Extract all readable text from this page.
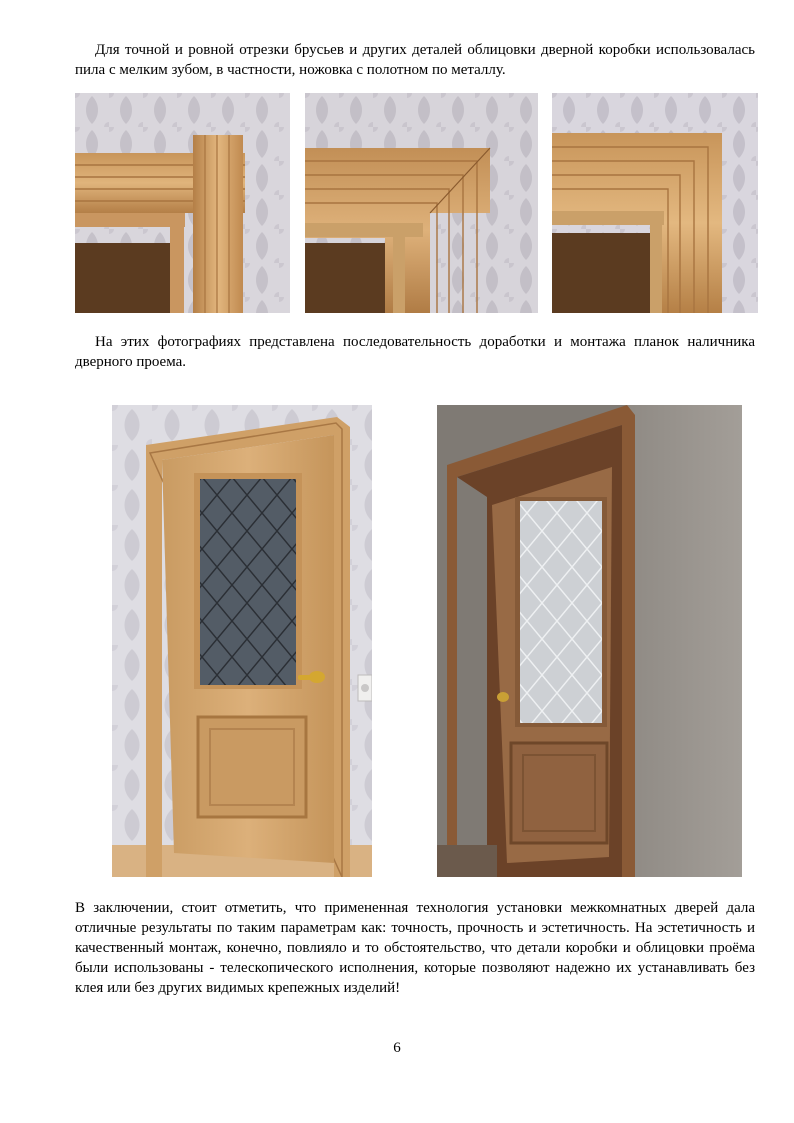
Для точной и ровной отрезки брусьев и других деталей облицовки дверной коробки использовалась пила с мелким зубом, в частности, ножовка с полотном по металлу.

На этих фотографиях представлена последовательность доработки и монтажа планок наличника дверного проема.

В заключении, стоит отметить, что примененная технология установки межкомнатных дверей дала отличные результаты по таким параметрам как: точность, прочность и эстетичность. На эстетичность и качественный монтаж, конечно, повлияло и то обстоятельство, что детали коробки и облицовки проёма были использованы - телескопического исполнения, которые позволяют надежно их устанавливать без клея или без других видимых крепежных изделий!

6
